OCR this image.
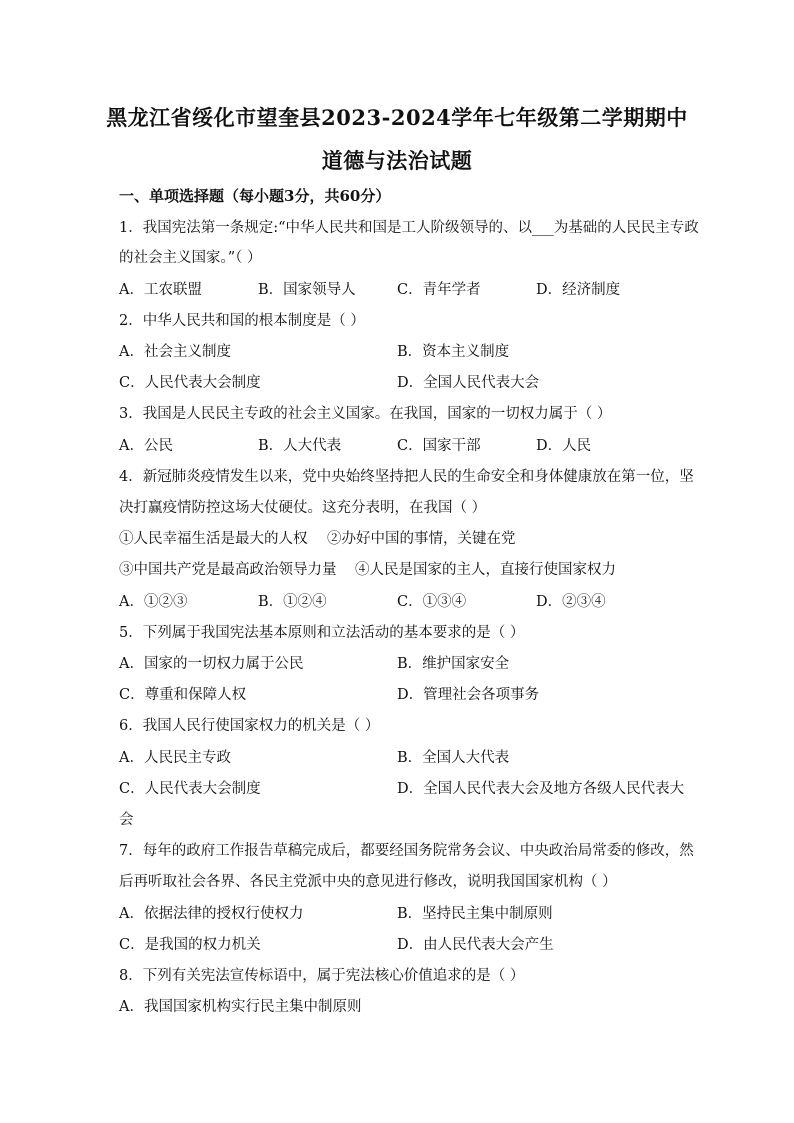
黑龙江省绥化市望奎县2023-2024学年七年级第二学期期中
道德与法治试题
一、单项选择题（每小题3分，共60分）
1．我国宪法第一条规定:“中华人民共和国是工人阶级领导的、以___为基础的人民民主专政
的社会主义国家。”（ ）
A．工农联盟	B．国家领导人	C．青年学者	D．经济制度
2．中华人民共和国的根本制度是（ ）
A．社会主义制度	B．资本主义制度
C．人民代表大会制度	D．全国人民代表大会
3．我国是人民民主专政的社会主义国家。在我国，国家的一切权力属于（ ）
A．公民	B．人大代表	C．国家干部	D．人民
4．新冠肺炎疫情发生以来，党中央始终坚持把人民的生命安全和身体健康放在第一位，坚
决打赢疫情防控这场大仗硬仗。这充分表明，在我国（ ）
①人民幸福生活是最大的人权 ②办好中国的事情，关键在党
③中国共产党是最高政治领导力量 ④人民是国家的主人，直接行使国家权力
A．①②③	B．①②④	C．①③④	D．②③④
5．下列属于我国宪法基本原则和立法活动的基本要求的是（ ）
A．国家的一切权力属于公民	B．维护国家安全
C．尊重和保障人权	D．管理社会各项事务
6．我国人民行使国家权力的机关是（ ）
A．人民民主专政	B．全国人大代表
C．人民代表大会制度	D．全国人民代表大会及地方各级人民代表大
会
7．每年的政府工作报告草稿完成后，都要经国务院常务会议、中央政治局常委的修改，然
后再听取社会各界、各民主党派中央的意见进行修改，说明我国国家机构（ ）
A．依据法律的授权行使权力	B．坚持民主集中制原则
C．是我国的权力机关	D．由人民代表大会产生
8．下列有关宪法宣传标语中，属于宪法核心价值追求的是（ ）
A．我国国家机构实行民主集中制原则
